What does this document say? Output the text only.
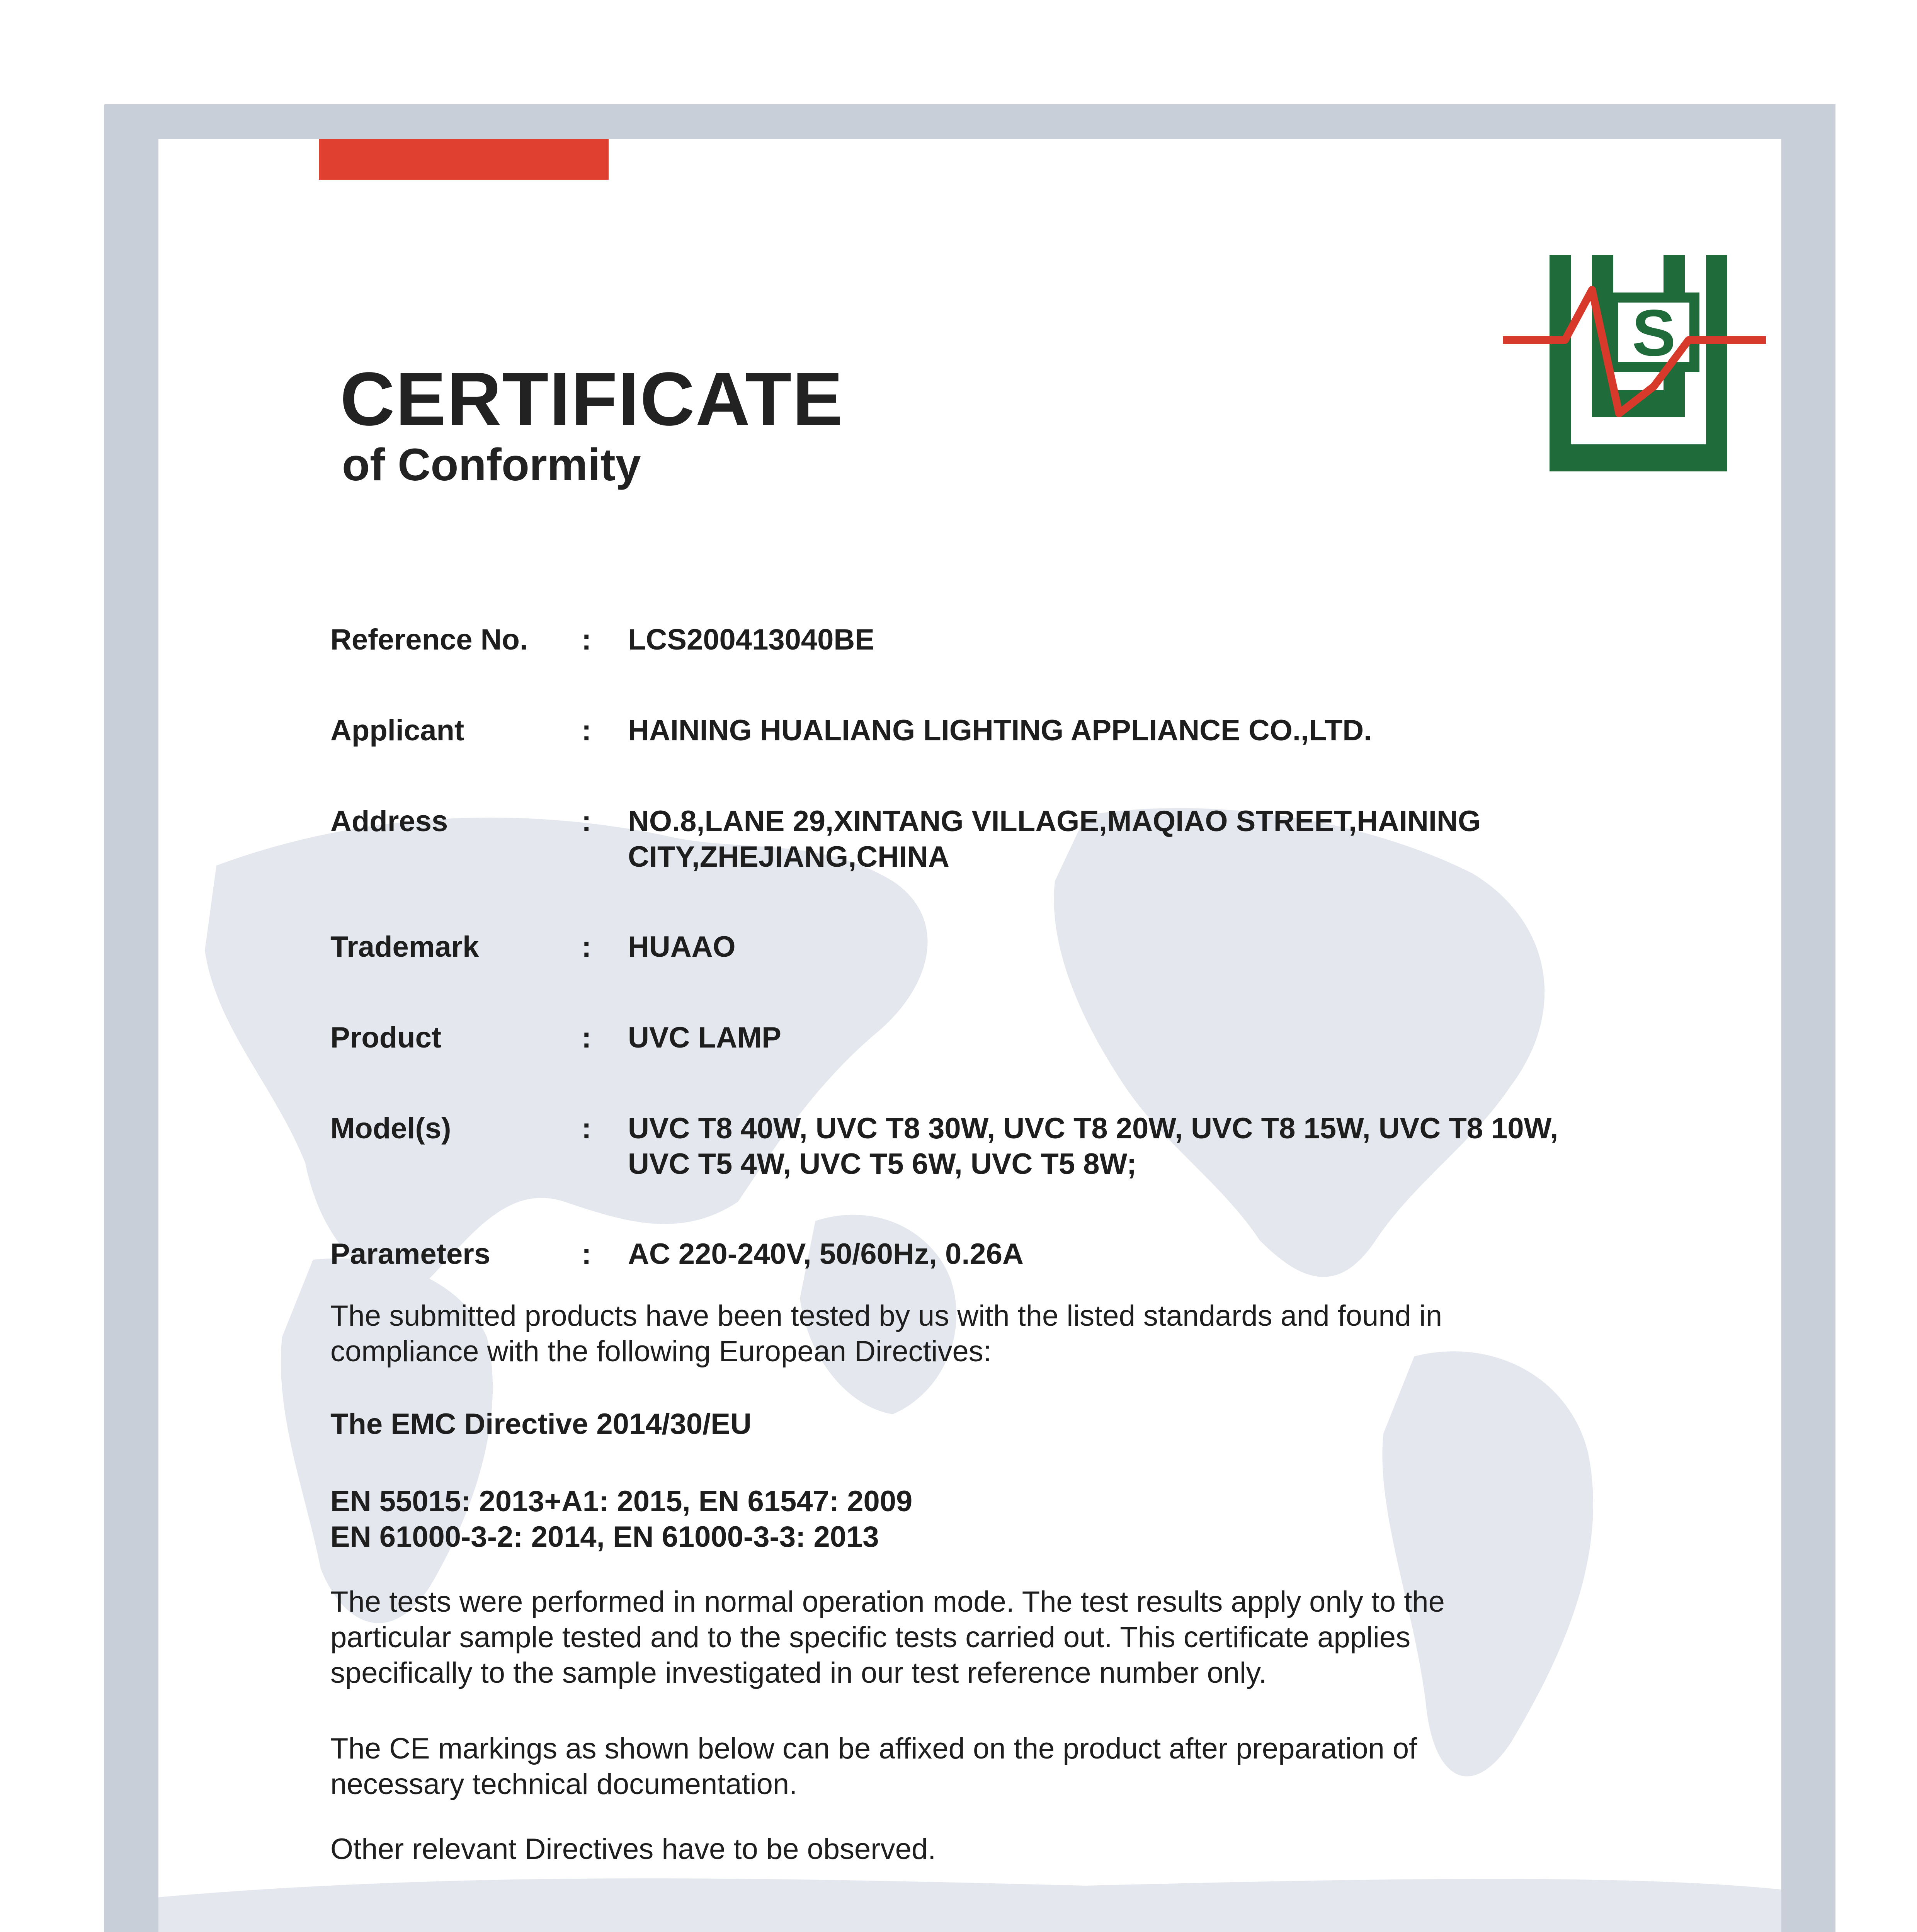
CERTIFICATE
of Conformity
S
Reference No.	:	LCS200413040BE
Applicant	:	HAINING HUALIANG LIGHTING APPLIANCE CO.,LTD.
Address	:	NO.8,LANE 29,XINTANG VILLAGE,MAQIAO STREET,HAINING
CITY,ZHEJIANG,CHINA
Trademark	:	HUAAO
Product	:	UVC LAMP
Model(s)	:	UVC T8 40W, UVC T8 30W, UVC T8 20W, UVC T8 15W, UVC T8 10W,
UVC T5 4W, UVC T5 6W, UVC T5 8W;
Parameters	:	AC 220-240V, 50/60Hz, 0.26A
The submitted products have been tested by us with the listed standards and found in
compliance with the following European Directives:
The EMC Directive 2014/30/EU
EN 55015: 2013+A1: 2015, EN 61547: 2009
EN 61000-3-2: 2014, EN 61000-3-3: 2013
The tests were performed in normal operation mode. The test results apply only to the
particular sample tested and to the specific tests carried out. This certificate applies
specifically to the sample investigated in our test reference number only.
The CE markings as shown below can be affixed on the product after preparation of
necessary technical documentation.
Other relevant Directives have to be observed.
